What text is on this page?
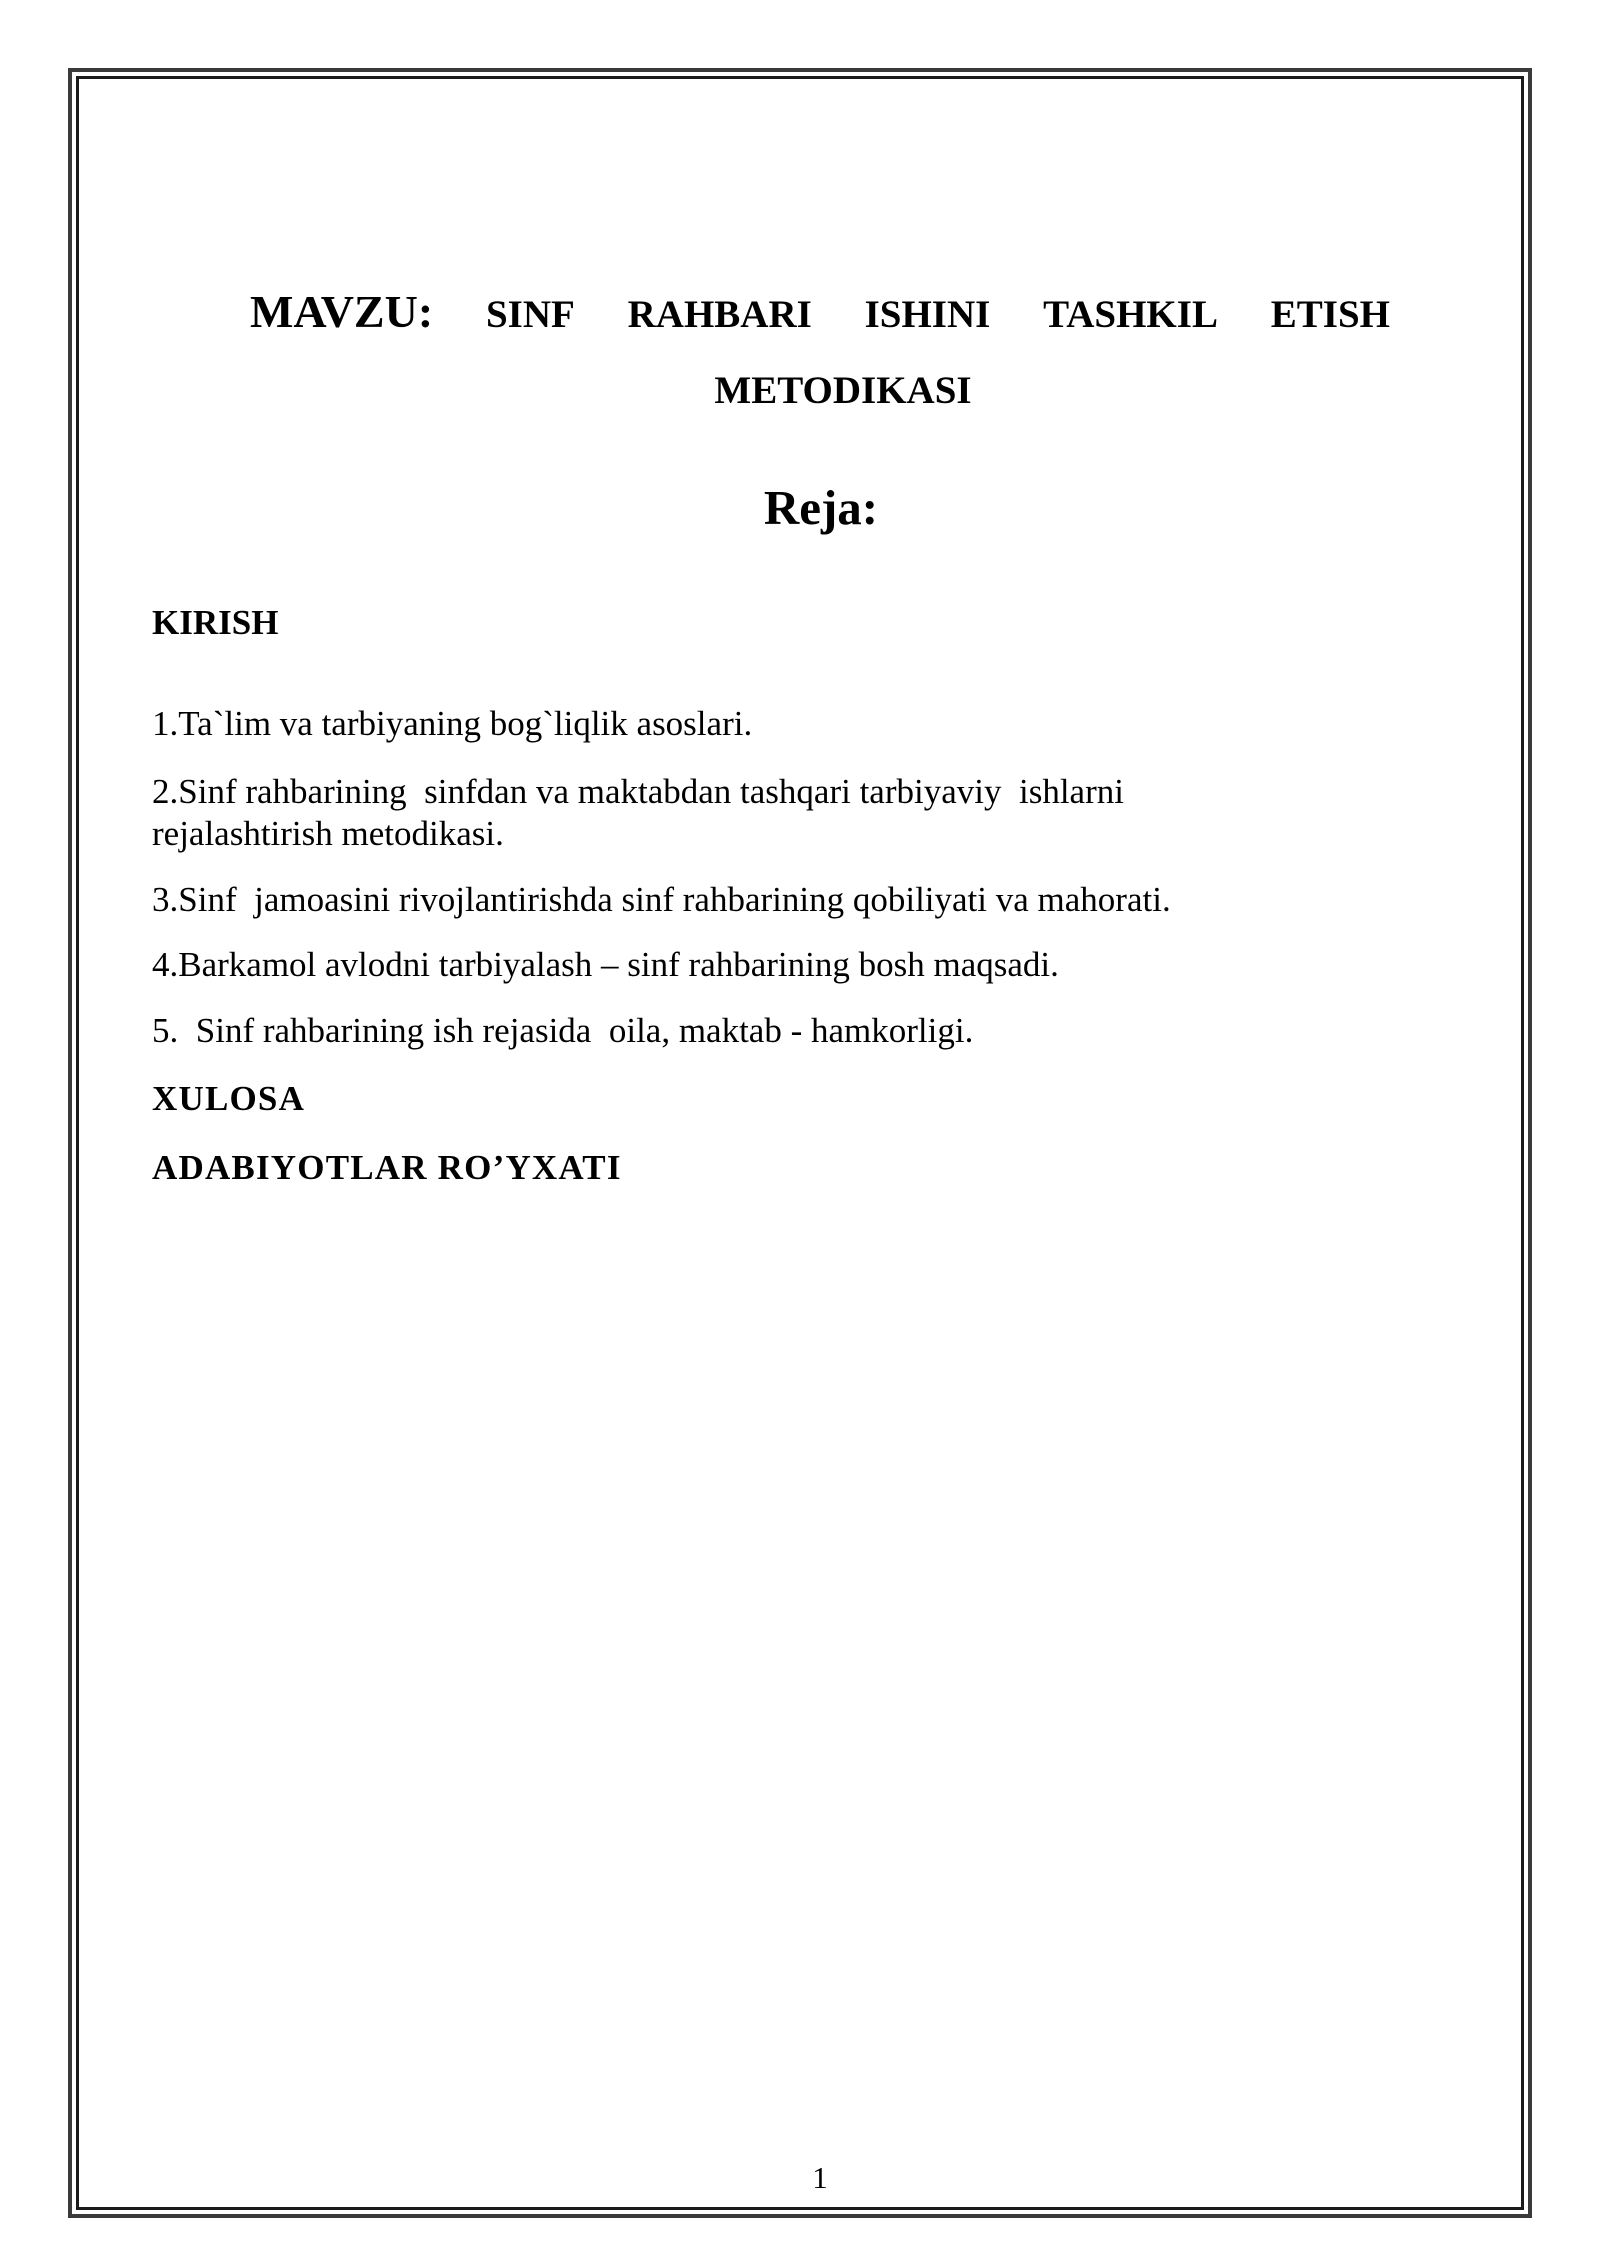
MAVZU: SINF RAHBARI ISHINI TASHKIL ETISH
METODIKASI
Reja:
KIRISH
1.Ta`lim va tarbiyaning bog`liqlik asoslari.
2.Sinf rahbarining  sinfdan va maktabdan tashqari tarbiyaviy  ishlarni
rejalashtirish metodikasi.
3.Sinf  jamoasini rivojlantirishda sinf rahbarining qobiliyati va mahorati.
4.Barkamol avlodni tarbiyalash – sinf rahbarining bosh maqsadi.
5.  Sinf rahbarining ish rejasida  oila, maktab - hamkorligi.
XULOSA
ADABIYOTLAR RO’YXATI
1
